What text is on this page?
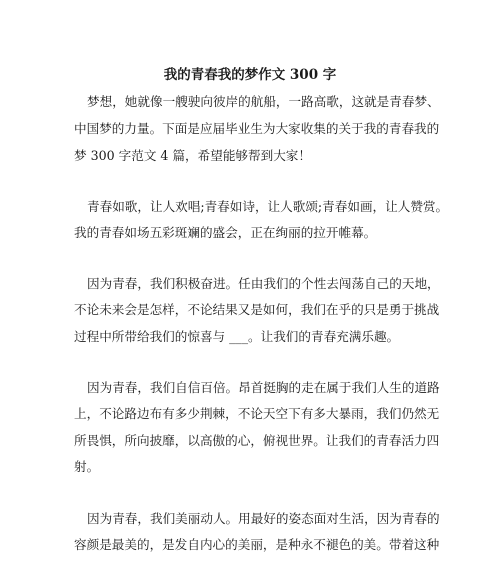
我的青春我的梦作文 300 字
梦想，她就像一艘驶向彼岸的航船，一路高歌，这就是青春梦、
中国梦的力量。下面是应届毕业生为大家收集的关于我的青春我的
梦 300 字范文 4 篇，希望能够帮到大家！
青春如歌，让人欢唱;青春如诗，让人歌颂;青春如画，让人赞赏。
我的青春如场五彩斑斓的盛会，正在绚丽的拉开帷幕。
因为青春，我们积极奋进。任由我们的个性去闯荡自己的天地，
不论未来会是怎样，不论结果又是如何，我们在乎的只是勇于挑战
过程中所带给我们的惊喜与 ___。让我们的青春充满乐趣。
因为青春，我们自信百倍。昂首挺胸的走在属于我们人生的道路
上，不论路边布有多少荆棘，不论天空下有多大暴雨，我们仍然无
所畏惧，所向披靡，以高傲的心，俯视世界。让我们的青春活力四
射。
因为青春，我们美丽动人。用最好的姿态面对生活，因为青春的
容颜是最美的，是发自内心的美丽，是种永不褪色的美。带着这种
